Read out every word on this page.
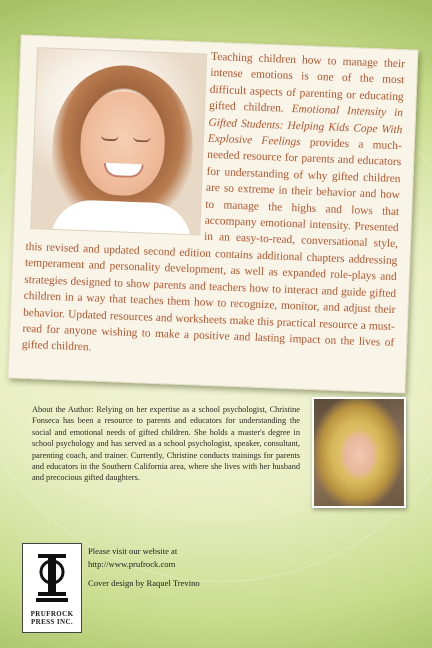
Teaching children how to manage their intense emotions is one of the most difficult aspects of parenting or educating gifted children. Emotional Intensity in Gifted Students: Helping Kids Cope With Explosive Feelings provides a much-needed resource for parents and educators for understanding of why gifted children are so extreme in their behavior and how to manage the highs and lows that accompany emotional intensity. Presented in an easy-to-read, conversational style, this revised and updated second edition contains additional chapters addressing temperament and personality development, as well as expanded role-plays and strategies designed to show parents and teachers how to interact and guide gifted children in a way that teaches them how to recognize, monitor, and adjust their behavior. Updated resources and worksheets make this practical resource a must-read for anyone wishing to make a positive and lasting impact on the lives of gifted children.

About the Author: Relying on her expertise as a school psychologist, Christine Fonseca has been a resource to parents and educators for understanding the social and emotional needs of gifted children. She holds a master's degree in school psychology and has served as a school psychologist, speaker, consultant, parenting coach, and trainer. Currently, Christine conducts trainings for parents and educators in the Southern California area, where she lives with her husband and precocious gifted daughters.

PRUFROCK
PRESS INC.
Please visit our website at
http://www.prufrock.com
Cover design by Raquel Trevino
